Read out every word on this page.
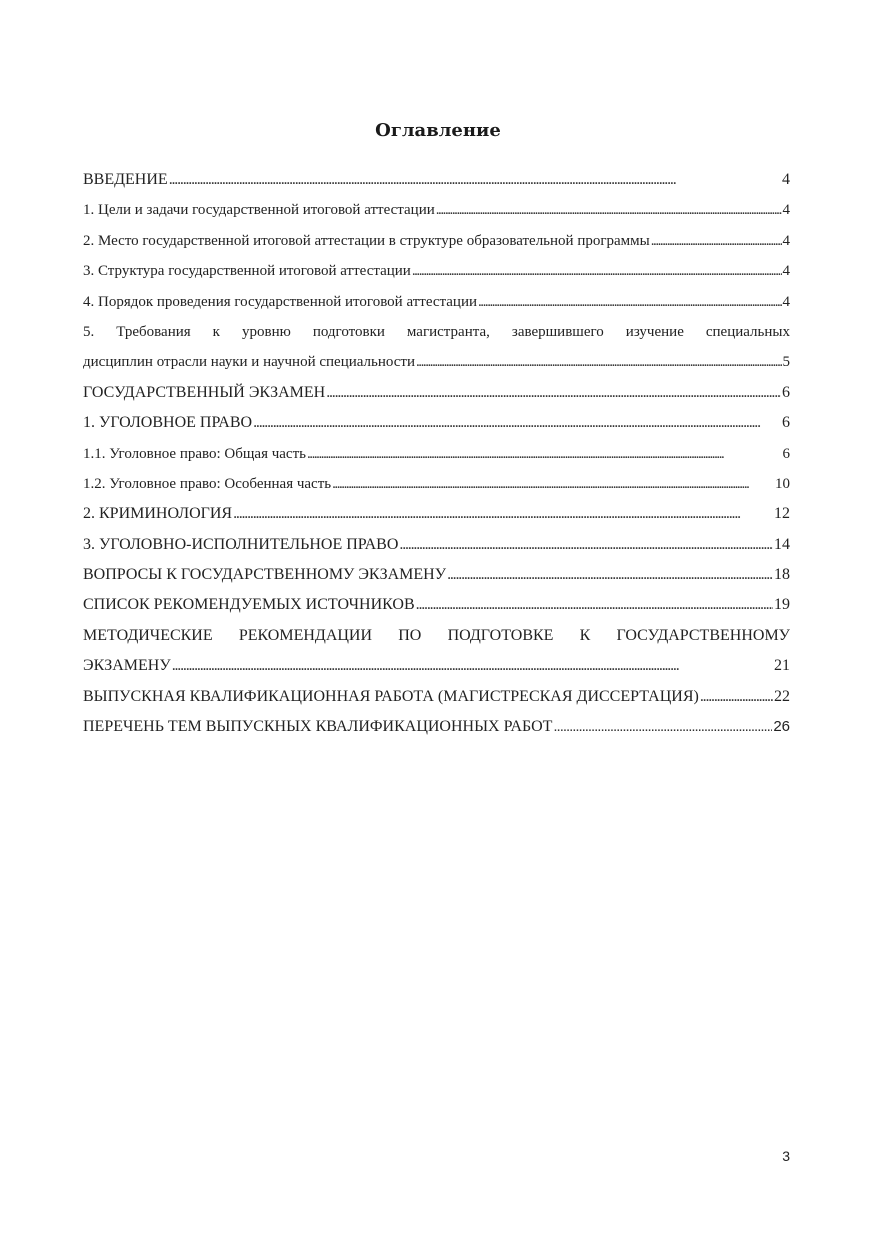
Оглавление
ВВЕДЕНИЕ . . .	4
1. Цели и задачи государственной итоговой аттестации . . .	4
2. Место государственной итоговой аттестации в структуре образовательной программы . . .	4
3. Структура государственной итоговой аттестации . . .	4
4. Порядок проведения государственной итоговой аттестации . . .	4
5. Требования к уровню подготовки магистранта, завершившего изучение специальных
дисциплин отрасли науки и научной специальности . . .	5
ГОСУДАРСТВЕННЫЙ ЭКЗАМЕН . . .	6
1. УГОЛОВНОЕ ПРАВО . . .	6
1.1. Уголовное право: Общая часть . . .	6
1.2. Уголовное право: Особенная часть . . .	10
2. КРИМИНОЛОГИЯ . . .	12
3. УГОЛОВНО-ИСПОЛНИТЕЛЬНОЕ ПРАВО . . .	14
ВОПРОСЫ К ГОСУДАРСТВЕННОМУ ЭКЗАМЕНУ . . .	18
СПИСОК РЕКОМЕНДУЕМЫХ ИСТОЧНИКОВ . . .	19
МЕТОДИЧЕСКИЕ РЕКОМЕНДАЦИИ ПО ПОДГОТОВКЕ К ГОСУДАРСТВЕННОМУ
ЭКЗАМЕНУ . . .	21
ВЫПУСКНАЯ КВАЛИФИКАЦИОННАЯ РАБОТА (МАГИСТРЕСКАЯ ДИССЕРТАЦИЯ) . . .	22
ПЕРЕЧЕНЬ ТЕМ ВЫПУСКНЫХ КВАЛИФИКАЦИОННЫХ РАБОТ . . .	26
3
